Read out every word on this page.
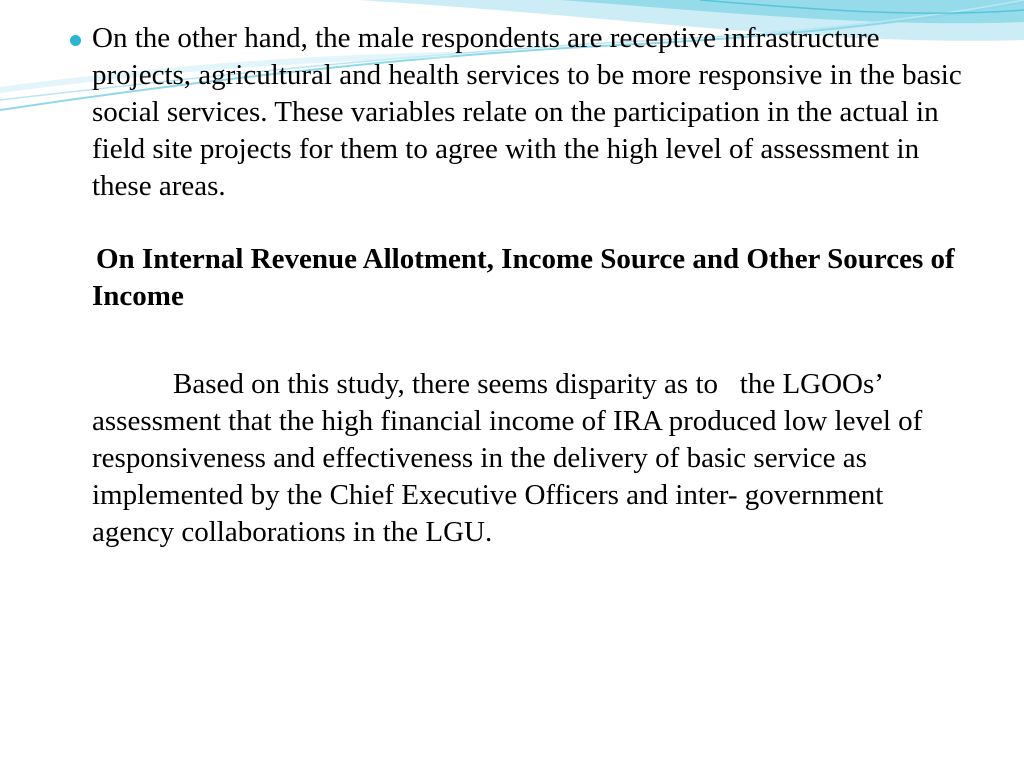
On the other hand, the male respondents are receptive infrastructure projects, agricultural and health services to be more responsive in the basic social services. These variables relate on the participation in the actual in field site projects for them to agree with the high level of assessment in these areas.

On Internal Revenue Allotment, Income Source and Other Sources of Income

Based on this study, there seems disparity as to   the LGOOs’ assessment that the high financial income of IRA produced low level of responsiveness and effectiveness in the delivery of basic service as implemented by the Chief Executive Officers and inter- government agency collaborations in the LGU.
